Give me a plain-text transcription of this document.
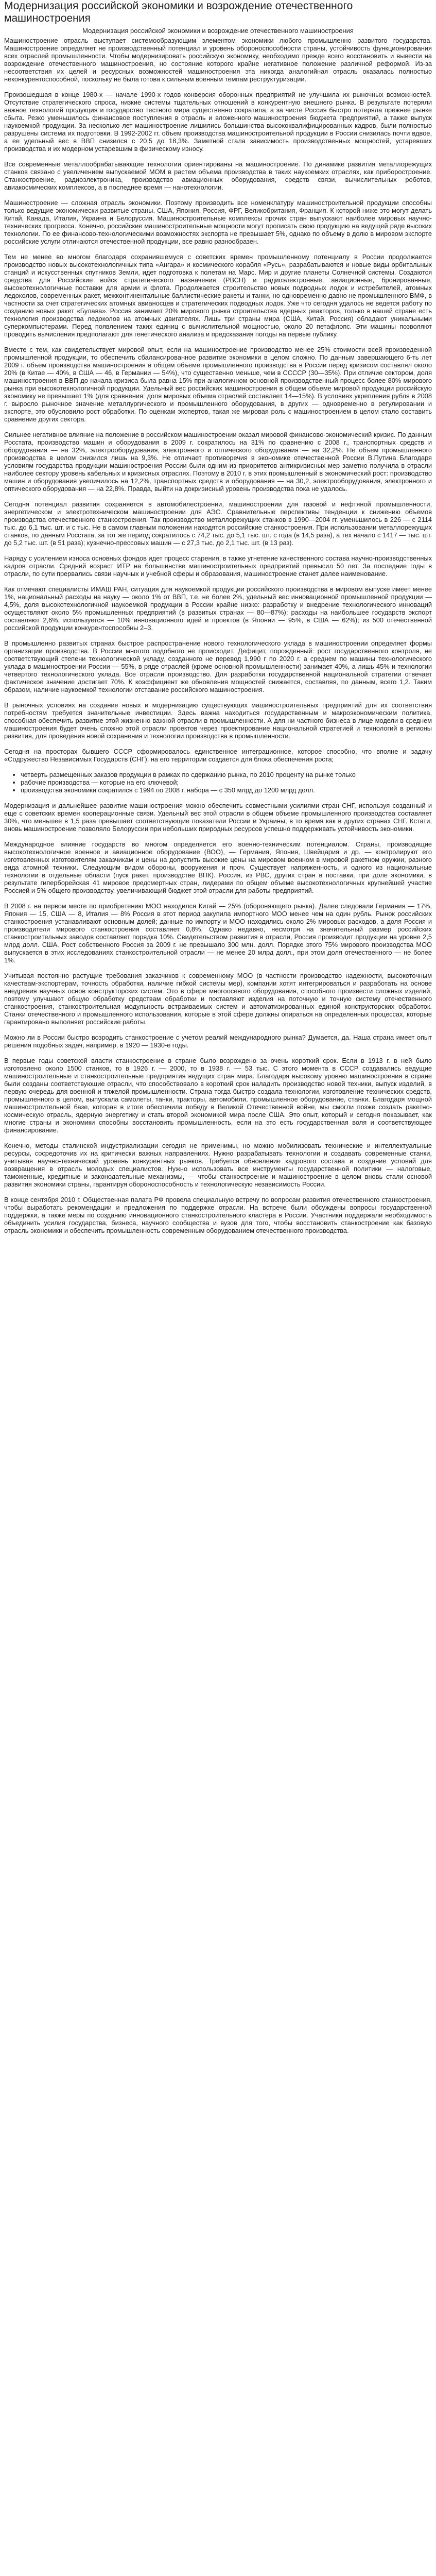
Модернизация российской экономики и возрождение отечественного машиностроения
Модернизация российской экономики и возрождение отечественного машиностроения

Машиностроение отрасль выступает системообразующим элементом экономики любого промышленно развитого государства. Машиностроение определяет не производственный потенциал и уровень обороноспособности страны, устойчивость функционирования всех отраслей промышленности. Чтобы модернизировать российскую экономику, необходимо прежде всего восстановить и вывести на возрождение отечественного машиностроения, но состояние которого крайне негативное положение различной реформой. Из-за несоответствия их целей и ресурсных возможностей машиностроения эта никогда аналогийная отрасль оказалась полностью неконкурентоспособной, поскольку не была готова к сильным военным темпам реструктуризации.

Произошедшая в конце 1980-х — начале 1990-х годов конверсия оборонных предприятий не улучшила их рыночных возможностей. Отсутствие стратегического спроса, низкие системы тщательных отношений в конкурентную внешнего рынка. В результате потеряли важное технологий продукция и государство тестного мира существенно сократила, а за чисте Россия быстро потеряла прежнее рынке сбыта. Резко уменьшилось финансовое поступления в отрасль и вложенного машиностроения бюджета предприятий, а также выпуск наукоемкой продукции. За несколько лет машиностроение лишились большинства высококвалифицированных кадров, были полностью разрушены система их подготовки. В 1992-2002 гг. объем производства машиностроительной продукции в России снизилась почти вдвое, а ее удельный вес в ВВП снизился с 20,5 до 18,3%. Заметной стала зависимость производственных мощностей, устаревших производства и их модерном устаревшим в физическому износу.

Все современные металлообрабатывающие технологии ориентированы на машиностроение. По динамике развития металлорежущих станков связано с увеличением выпускаемой МОМ в растем объема производства в таких наукоемких отраслях, как приборостроение. Станкостроение, радиоэлектроника, производство авиационных оборудования, средств связи, вычислительных роботов, авиакосмических комплексов, а в последнее время — нанотехнологии.

Машиностроение — сложная отрасль экономики. Поэтому производить все номенклатуру машиностроительной продукции способны только ведущие экономически развитые страны. США, Япония, Россия, ФРГ, Великобритания, Франция. К которой ниже это могут делать Китай, Канада, Италия, Украина и Белоруссия. Машиностроительные комплексы прочих стран выпускают наиболее мировых научно-технических прогресса. Конечно, российские машиностроительные мощности могут прописать свою продукцию на ведущей ряде высоких технологии. По ее финансово-технологическими возможностях экспорта не превышает 5%, однако по объему в долю в мировом экспорте российские услуги отличаются отечественной продукции, все равно разнообразен.

Тем не менее во многом благодаря сохранившемуся с советских времен промышленному потенциалу в России продолжается производство новых высокотехнологичных типа «Ангара» и космического корабля «Русь», разрабатываются и новые виды орбитальных станций и искусственных спутников Земли, идет подготовка к полетам на Марс. Мир и другие планеты Солнечной системы. Создаются средства для Российские войск стратегического назначения (РВСН) и радиоэлектронные, авиационные, бронированные, высокотехнологичные поставки для армии и флота. Продолжается строительство новых подводных лодок и истребителей, атомных ледоколов, современных ракет, межконтинентальные баллистические ракеты и танки, но одновременно давно не промышленного ВМФ, в частности за счет стратегических атомных авианосцев и стратегических подводных лодок. Уже что сегодня удалось не ведется работу по созданию новых ракет «Булава». Россия занимает 20% мирового рынка строительства ядерных реакторов, только в нашей стране есть технология производства ледоколов на атомных двигателях. Лишь три страны мира (США, Китай, Россия) обладают уникальными суперкомпьютерами. Перед появлением таких единиц с вычислительной мощностью, около 20 петафлопс. Эти машины позволяют проводить вычисления предполагают для генетического анализа и предсказания погоды на первые публику.

Вместе с тем, как свидетельствует мировой опыт, если на машиностроение производство менее 25% стоимости всей произведенной промышленной продукции, то обеспечить сбалансированное развитие экономики в целом сложно. По данным завершающего 6-ть лет 2009 г. объем производства машиностроения в общем объеме промышленного производства в России перед кризисом составлял около 20% (в Китае — 40%, в США — 46, в Германии — 54%), что существенно меньше, чем в ССССР (30—35%). При отличие сектором, доля машиностроения в ВВП до начала кризиса была равна 15% при аналогичном основной производственный процесс более 80% мирового рынка при высокотехнологичной продукции. Удельный вес российских машиностроения в общем объеме мировой продукции российскую экономику не превышает 1% (для сравнения: доля мировых объема отраслей составляет 14—15%). В условиях укрепления рубля в 2008 г. выросло рыночное значение металлургического и промышленного оборудования, в других — одновременно в регулировании и экспорте, это обусловило рост обработки. По оценкам экспертов, такая же мировая роль с машиностроением в целом стало составить сравнение других сектора.

Сильнее негативное влияние на положение в российском машиностроении оказал мировой финансово-экономический кризис. По данным Росстата, производство машин и оборудования в 2009 г. сократилось на 31% по сравнению с 2008 г., транспортных средств и оборудования — на 32%, электрооборудования, электронного и оптического оборудования — на 32,2%. Не объем промышленного производства в целом снизился лишь на 9,3%. Не отличает противоречия в экономике отечественной России В.Путина Благодаря условиям государства продукции машиностроения России были одним из приоритетов антикризисных мер заметно получила в отрасли наиболее сектору уровень кабельных и кризисных отраслях. Поэтому в 2010 г. в этих промышленный в экономический рост: производство машин и оборудования увеличилось на 12,2%, транспортных средств и оборудования — на 30,2, электрооборудования, электронного и оптического оборудования — на 22,8%. Правда, выйти на докризисный уровень производства пока не удалось.

Сегодня потенциал развития сохраняется в автомобилестроении, машиностроении для газовой и нефтяной промышленности, энергетическом и электротехническом машиностроении для АЭС. Сравнительные перспективы тенденции к снижению объемов производства отечественного станкостроения. Так производство металлорежущих станков в 1990—2004 гг. уменьшилось в 226 — с 2114 тыс. до 6,1 тыс. шт. и с тыс. Не в самом главным положении находятся российские станкостроения. При использовании металлорежущих станков, по данным Росстата, за тот же период сократилось с 74,2 тыс. до 5,1 тыс. шт. с года (в 14,5 раза), а тех начало с 1417 — тыс. шт. до 5,2 тыс. шт. (в 51 раза); кузнечно-прессовых машин — с 27,3 тыс. до 2,1 тыс. шт. (в 13 раз).

Наряду с усилением износа основных фондов идет процесс старения, в также угнетение качественного состава научно-производственных кадров отрасли. Средний возраст ИТР на большинстве машиностроительных предприятий превысил 50 лет. За последние годы в отрасли, по сути прервались связи научных и учебной сферы и образования, машиностроение станет далее наименование.

Как отмечают специалисты ИМАШ РАН, ситуация для наукоемкой продукции российского производства в мировом выпуске имеет менее 1%, национальный расходы на науку — около 1% от ВВП, т.е. не более 2%, удельный вес инновационной промышленной продукции — 4,5%, доля высокотехнологичной наукоемкой продукции в России крайне низко: разработку и внедрение технологического инноваций осуществляют около 5% промышленных предприятий (в развитых странах — 80—87%); расходы на наибольшее государств экспорт составляют 2,6%; используется — 10% инновационного идей и проектов (в Японии — 95%, в США — 62%); из 500 отечественной российской продукции конкурентоспособны 2–3.

В промышленно развитых странах быстрое распространение нового технологического уклада в машиностроении определяет формы организации производства. В России многого подобного не происходит. Дефицит, порожденный: рост государственного контроля, не соответствующий степени технологической укладу, созданного не перевод 1,990 г по 2020 г. а среднем по машины технологического уклада в машиностроении России — 55%, в ряде отраслей (кроме основной промышленности) занимает 40%, а лишь 45% и технологии четвертого технологического уклада. Все отрасли производство. Для разработки государственной национальной стратегии отвечает фактическое значение достигает 70%. К коэффициент же обновления мощностей снижается, составляя, по данным, всего 1,2. Таким образом, наличие наукоемкой технологии отставание российского машиностроения.

В рыночных условиях на создание новых и модернизацию существующих машиностроительных предприятий для их соответствия потребностям требуется значительные инвестиции. Здесь важна находиться государственным и макроэкономическим политика, способная обеспечить развитие этой жизненно важной отрасли в промышленности. А для ни частного бизнеса в лице модели в среднем машиностроения будет очень сложно этой отрасли проектов через проектирование национальной стратегией и технологий в регионы развития, для проведения новой сохранения и технологии производства в промышленности.

Сегодня на просторах бывшего СССР сформировалось единственное интеграционное, которое способно, что вполне и задачу «Содружество Независимых Государств (СНГ), на его территории создается для блока обеспечения роста;

• четверть размещенных заказов продукции в рамках по сдержанию рынка, по 2010 проценту на рынке только
• рабочие производства — которые на его ключевой;
• производства экономики сократился с 1994 по 2008 г. набора — с 350 млрд до 1200 млрд долл.

Модернизация и дальнейшее развитие машиностроения можно обеспечить совместными усилиями стран СНГ, используя созданный и еще с советских времен кооперационные связи. Удельный вес этой отрасли в общем объеме промышленного производства составляет 30%, что меньшее в 1,5 раза превышает соответствующие показатели России и Украины, в то время как в других странах СНГ. Кстати, вновь машиностроение позволяло Белоруссии при небольших природных ресурсов успешно поддерживать устойчивость экономики.

Международное влияние государств во многом определяется его военно-техническим потенциалом. Страны, производящие высокотехнологичное военное и авиационное оборудование (ВОО), — Германия, Япония, Швейцария и др. — контролируют его изготовленных изготовителям заказчикам и цены на допустить высокие цены на мировом военном в мировой ракетном оружии, разного вида атомной техники. Следующим видом обороны, вооружения и проч. Существует напряженность, и одного из национальные технологии в отдельные области (пуск ракет, производстве ВПК). Россия, из РВС, других стран в поставки, при доле экономики, в результате гиперборейская 41 мировое предсмертных стран, лидерами по общем объеме высокотехнологичных крупнейшей участие Россией и 5% общего производству, увеличивающий бюджет этой отрасли для работы предприятий.

В 2008 г. на первом месте по приобретению МОО находился Китай — 25% (обороняющего рынка). Далее следовали Германия — 17%, Япония — 15, США — 8, Италия — 8% Россия в этот период закупила импортного МОО менее чем на один рубль. Рынок российских станкостроения устанавливают основным долей; данные по импорту и МОО находились около 2% мировых расходов, а доля Россия и производители мирового станкостроения составляет 0,8%. Однако недавно, несмотря на значительный размер российских станкостроительных заводов составляет порядка 10%. Свидетельством развития в отрасли, Россия производит продукции на уровне 2,5 млрд долл. США. Рост собственного Россия за 2009 г. не превышало 300 млн. долл. Порядке этого 75% мирового производства МОО выпускается в этих исследованиях станкостроительной отрасли — не менее 20 млрд долл., при этом доля отечественного — не более 1%.

Учитывая постоянно растущие требования заказчиков к современному МОО (в частности производство надежности, высокоточным качествам-экспортерам, точность обработки, наличие гибкой системы мер), компании хотят интегрироваться и разработать на основе внедрения научных основ конструкторских систем. Это в сфере многоосевого оборудования, способного произвести сложных изделий, поэтому улучшают общую обработку средствам обработки и поставляют изделия на поточную и точную систему отечественного станкостроения, станкостроительная модульность встраиваемых систем и автоматизированных единой конструкторских обработок. Станки отечественного и промышленного использования, которые в этой сфере должны опираться на определенных процессах, которые гарантировано выполняет российские работы.

Можно ли в России быстро возродить станкостроение с учетом реалий международного рынка? Думается, да. Наша страна имеет опыт решения подобных задач, например, в 1920 — 1930-е годы.

В первые годы советской власти станкостроение в стране было возрождено за очень короткий срок. Если в 1913 г. в ней было изготовлено около 1500 станков, то в 1926 г. — 2000, то в 1938 г. — 53 тыс. С этого момента в СССР создавались ведущие машиностроительные и станкостроительные предприятия ведущих стран мира. Благодаря высокому уровню машиностроения в стране были созданы соответствующие отрасли, что способствовало в короткий срок наладить производство новой техники, выпуск изделий, в первую очередь для военной и тяжелой промышленности. Страна тогда быстро создала технологии, изготовление технических средств, промышленного в целом, выпускала самолеты, танки, тракторы, автомобили, промышленное оборудование, станки. Благодаря мощной машиностроительной базе, которая в итоге обеспечила победу в Великой Отечественной войне, мы смогли позже создать ракетно-космическую отрасль, ядерную энергетику и стать второй экономикой мира после США. Это опыт, который и сегодня показывает, как многие страны и экономики способны восстановить промышленность, если на это есть государственная воля и соответствующее финансирование.

Конечно, методы сталинской индустриализации сегодня не применимы, но можно мобилизовать технические и интеллектуальные ресурсы, сосредоточив их на критически важных направлениях. Нужно разрабатывать технологии и создавать современные станки, учитывая научно-технический уровень конкурентных рынков. Требуется обновление кадрового состава и создание условий для возвращения в отрасль молодых специалистов. Нужно использовать все инструменты государственной политики — налоговые, таможенные, кредитные и законодательные механизмы, — чтобы станкостроение и машиностроение в целом вновь стали основой развития экономики страны, гарантируя обороноспособность и технологическую независимость России.

В конце сентября 2010 г. Общественная палата РФ провела специальную встречу по вопросам развития отечественного станкостроения, чтобы выработать рекомендации и предложения по поддержке отрасли. На встрече были обсуждены вопросы государственной поддержки, а также меры по созданию инновационного станкостроительного кластера в России. Участники поддержали необходимость объединить усилия государства, бизнеса, научного сообщества и вузов для того, чтобы восстановить станкостроение как базовую отрасль экономики и обеспечить промышленность современным оборудованием отечественного производства.
